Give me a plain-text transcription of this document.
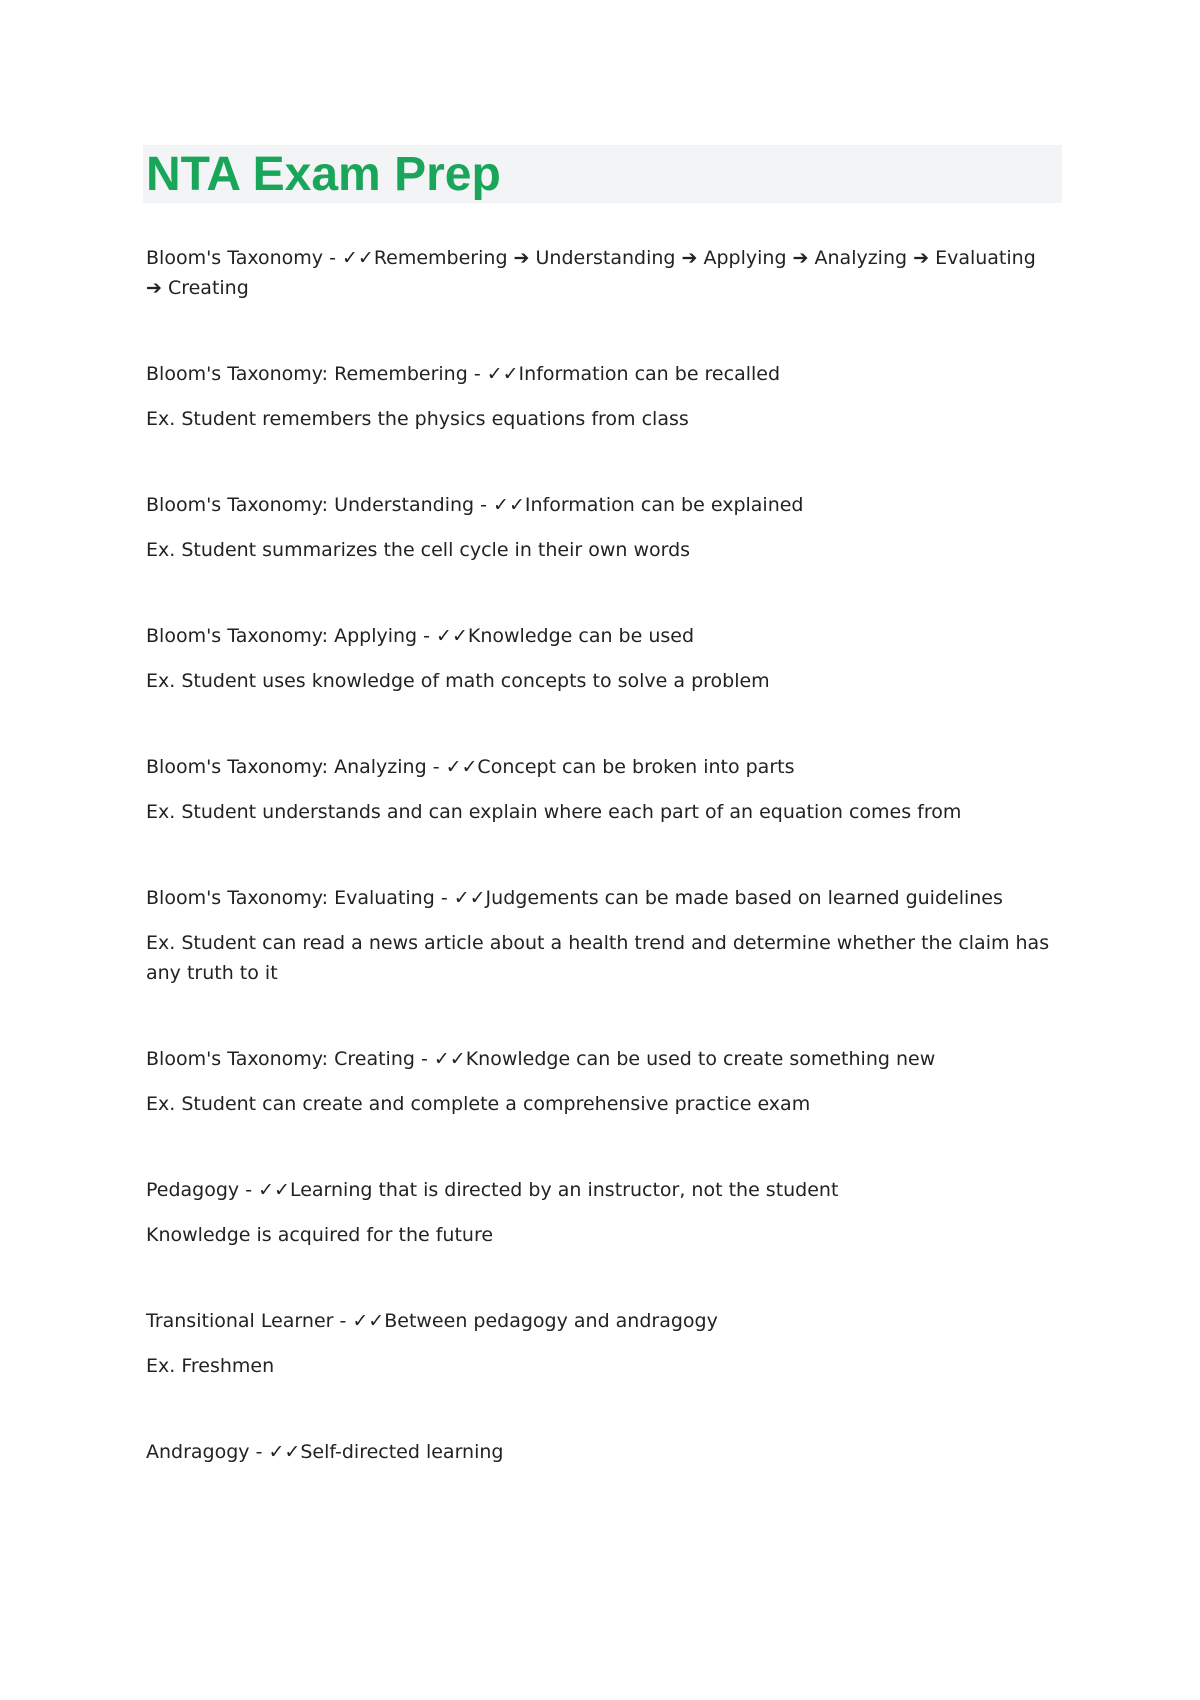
NTA Exam Prep

Bloom's Taxonomy - ✓✓Remembering ➔ Understanding ➔ Applying ➔ Analyzing ➔ Evaluating ➔ Creating

Bloom's Taxonomy: Remembering - ✓✓Information can be recalled

Ex. Student remembers the physics equations from class

Bloom's Taxonomy: Understanding - ✓✓Information can be explained

Ex. Student summarizes the cell cycle in their own words

Bloom's Taxonomy: Applying - ✓✓Knowledge can be used

Ex. Student uses knowledge of math concepts to solve a problem

Bloom's Taxonomy: Analyzing - ✓✓Concept can be broken into parts

Ex. Student understands and can explain where each part of an equation comes from

Bloom's Taxonomy: Evaluating - ✓✓Judgements can be made based on learned guidelines

Ex. Student can read a news article about a health trend and determine whether the claim has any truth to it

Bloom's Taxonomy: Creating - ✓✓Knowledge can be used to create something new

Ex. Student can create and complete a comprehensive practice exam

Pedagogy - ✓✓Learning that is directed by an instructor, not the student

Knowledge is acquired for the future

Transitional Learner - ✓✓Between pedagogy and andragogy

Ex. Freshmen

Andragogy - ✓✓Self-directed learning
